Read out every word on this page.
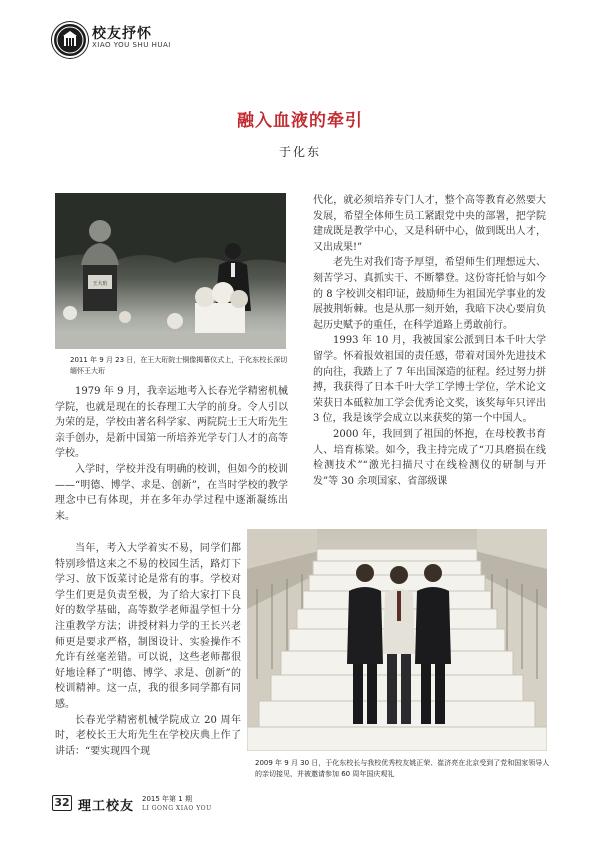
校友抒怀
XIAO YOU SHU HUAI
融入血液的牵引
于化东
王大珩
2011 年 9 月 23 日，在王大珩院士铜像揭幕仪式上，于化东校长深切缅怀王大珩

1979 年 9 月，我幸运地考入长春光学精密机械学院，也就是现在的长春理工大学的前身。令人引以为荣的是，学校由著名科学家、两院院士王大珩先生亲手创办，是新中国第一所培养光学专门人才的高等学校。

入学时，学校并没有明确的校训，但如今的校训——“明德、博学、求是、创新”，在当时学校的教学理念中已有体现，并在多年办学过程中逐渐凝练出来。

当年，考入大学着实不易，同学们都特别珍惜这来之不易的校园生活，路灯下学习、放下饭菜讨论是常有的事。学校对学生们更是负责至极，为了给大家打下良好的数学基础，高等数学老师温学恒十分注重教学方法；讲授材料力学的王长兴老师更是要求严格，制图设计、实验操作不允许有丝毫差错。可以说，这些老师都很好地诠释了“明德、博学、求是、创新”的校训精神。这一点，我的很多同学都有同感。

长春光学精密机械学院成立 20 周年时，老校长王大珩先生在学校庆典上作了讲话：“要实现四个现

代化，就必须培养专门人才，整个高等教育必然要大发展，希望全体师生员工紧跟党中央的部署，把学院建成既是教学中心，又是科研中心，做到既出人才，又出成果!”

老先生对我们寄予厚望，希望师生们理想远大、刻苦学习、真抓实干、不断攀登。这份寄托恰与如今的 8 字校训交相印证，鼓励师生为祖国光学事业的发展披荆斩棘。也是从那一刻开始，我暗下决心要肩负起历史赋予的重任，在科学道路上勇敢前行。

1993 年 10 月，我被国家公派到日本千叶大学留学。怀着报效祖国的责任感，带着对国外先进技术的向往，我踏上了 7 年出国深造的征程。经过努力拼搏，我获得了日本千叶大学工学博士学位，学术论文荣获日本砥粒加工学会优秀论文奖，该奖每年只评出 3 位，我是该学会成立以来获奖的第一个中国人。

2000 年，我回到了祖国的怀抱，在母校教书育人、培育栋梁。如今，我主持完成了“刀具磨损在线检测技术”“激光扫描尺寸在线检测仪的研制与开发”等 30 余项国家、省部级课

2009 年 9 月 30 日，于化东校长与我校优秀校友姚正荣、崔济亮在北京受到了党和国家领导人的亲切接见，并被邀请参加 60 周年国庆观礼
32 理工校友 2015 年第 1 期
LI GONG XIAO YOU
